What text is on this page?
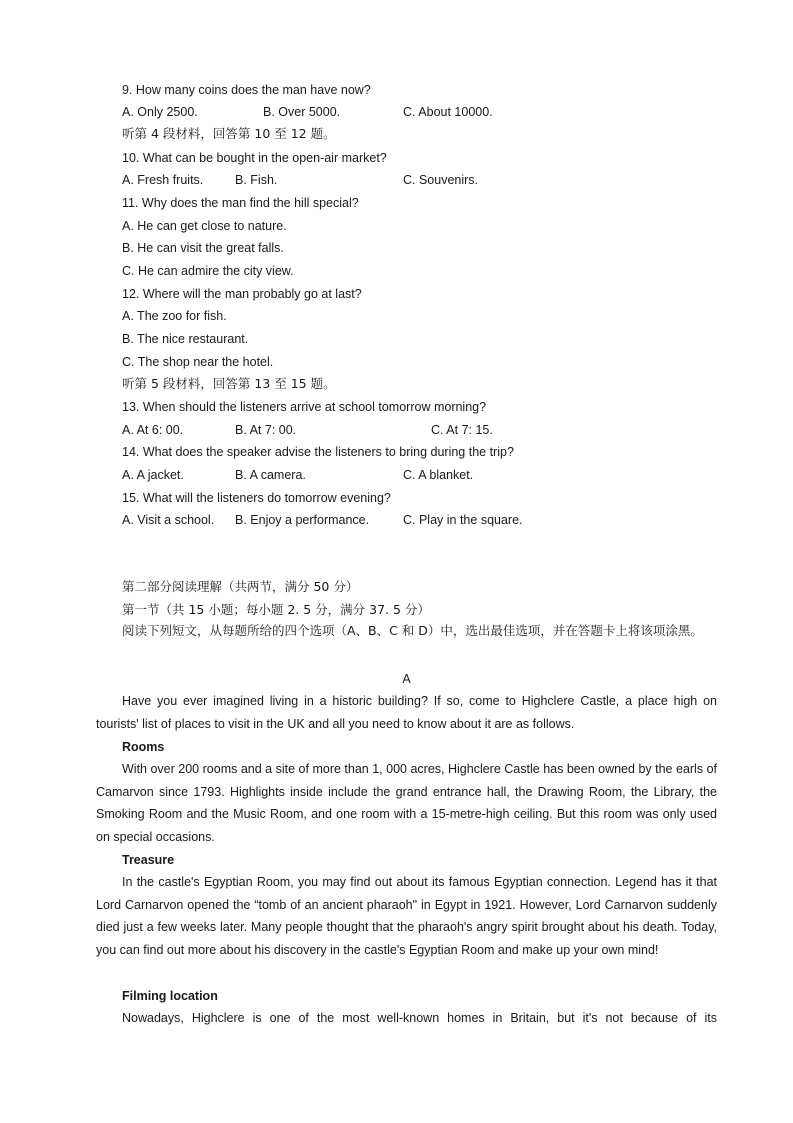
9. How many coins does the man have now?
A. Only 2500.	B. Over 5000.	C. About 10000.
听第 4 段材料，回答第 10 至 12 题。
10. What can be bought in the open-air market?
A. Fresh fruits.	B. Fish.	C. Souvenirs.
11. Why does the man find the hill special?
A. He can get close to nature.
B. He can visit the great falls.
C. He can admire the city view.
12. Where will the man probably go at last?
A. The zoo for fish.
B. The nice restaurant.
C. The shop near the hotel.
听第 5 段材料，回答第 13 至 15 题。
13. When should the listeners arrive at school tomorrow morning?
A. At 6: 00.	B. At 7: 00.	C. At 7: 15.
14. What does the speaker advise the listeners to bring during the trip?
A. A jacket.	B. A camera.	C. A blanket.
15. What will the listeners do tomorrow evening?
A. Visit a school. B. Enjoy a performance.	C. Play in the square.
第二部分阅读理解（共两节，满分 50 分）
第一节（共 15 小题；每小题 2. 5 分，满分 37. 5 分）

阅读下列短文，从每题所给的四个选项（A、B、C 和 D）中，选出最佳选项，并在答题卡上将该项涂黑。

A

Have you ever imagined living in a historic building? If so, come to Highclere Castle, a place high on tourists' list of places to visit in the UK and all you need to know about it are as follows.

Rooms

With over 200 rooms and a site of more than 1, 000 acres, Highclere Castle has been owned by the earls of Camarvon since 1793. Highlights inside include the grand entrance hall, the Drawing Room, the Library, the Smoking Room and the Music Room, and one room with a 15-metre-high ceiling. But this room was only used on special occasions.

Treasure

In the castle's Egyptian Room, you may find out about its famous Egyptian connection. Legend has it that Lord Carnarvon opened the “tomb of an ancient pharaoh" in Egypt in 1921. However, Lord Carnarvon suddenly died just a few weeks later. Many people thought that the pharaoh's angry spirit brought about his death. Today, you can find out more about his discovery in the castle's Egyptian Room and make up your own mind!

Filming location

Nowadays, Highclere is one of the most well-known homes in Britain, but it's not because of its
